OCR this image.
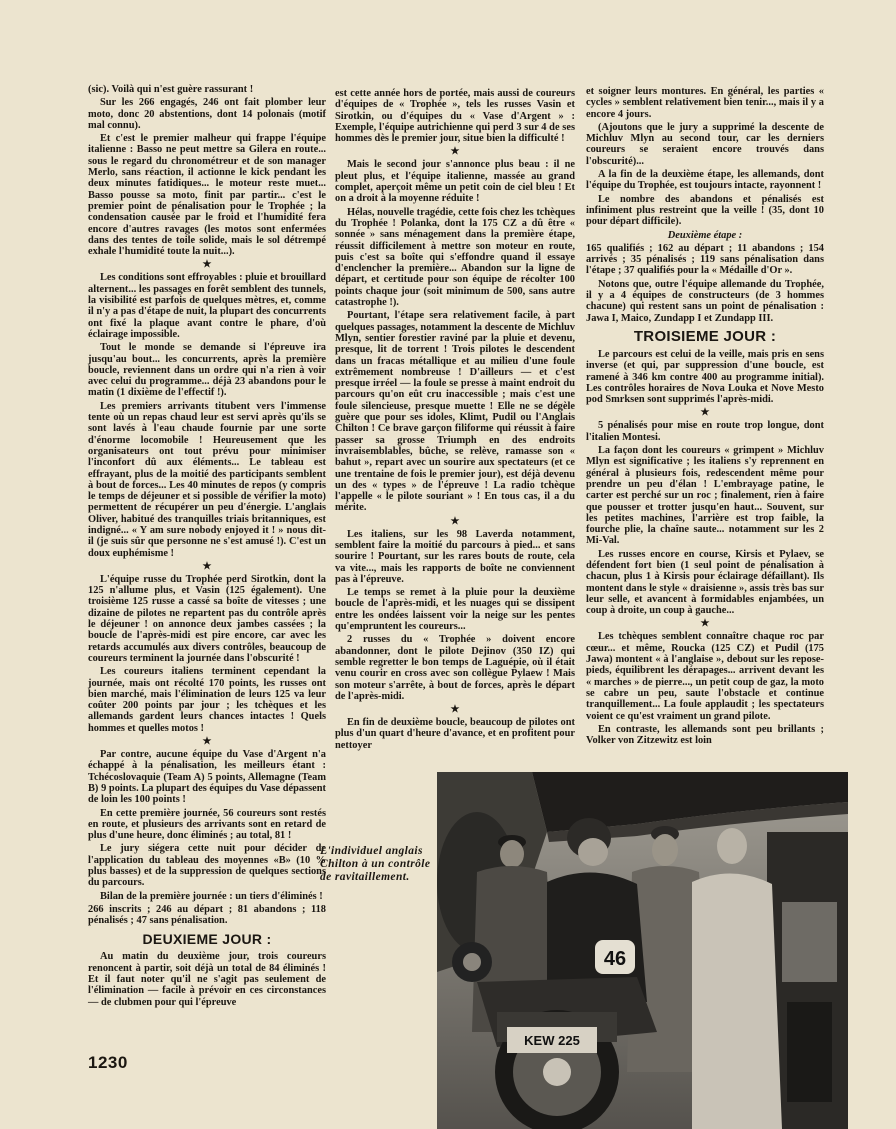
(sic). Voilà qui n'est guère rassurant !

Sur les 266 engagés, 246 ont fait plomber leur moto, donc 20 abstentions, dont 14 polonais (motif mal connu).

Et c'est le premier malheur qui frappe l'équipe italienne : Basso ne peut mettre sa Gilera en route... sous le regard du chronométreur et de son manager Merlo, sans réaction, il actionne le kick pendant les deux minutes fatidiques... le moteur reste muet... Basso pousse sa moto, finit par partir... c'est le premier point de pénalisation pour le Trophée ; la condensation causée par le froid et l'humidité fera encore d'autres ravages (les motos sont enfermées dans des tentes de toile solide, mais le sol détrempé exhale l'humidité toute la nuit...).

★

Les conditions sont effroyables : pluie et brouillard alternent... les passages en forêt semblent des tunnels, la visibilité est parfois de quelques mètres, et, comme il n'y a pas d'étape de nuit, la plupart des concurrents ont fixé la plaque avant contre le phare, d'où éclairage impossible.

Tout le monde se demande si l'épreuve ira jusqu'au bout... les concurrents, après la première boucle, reviennent dans un ordre qui n'a rien à voir avec celui du programme... déjà 23 abandons pour le matin (1 dixième de l'effectif !).

Les premiers arrivants titubent vers l'immense tente où un repas chaud leur est servi après qu'ils se sont lavés à l'eau chaude fournie par une sorte d'énorme locomobile ! Heureusement que les organisateurs ont tout prévu pour minimiser l'inconfort dû aux éléments... Le tableau est effrayant, plus de la moitié des participants semblent à bout de forces... Les 40 minutes de repos (y compris le temps de déjeuner et si possible de vérifier la moto) permettent de récupérer un peu d'énergie. L'anglais Oliver, habitué des tranquilles triais britanniques, est indigné... « Y am sure nobody enjoyed it ! » nous dit-il (je suis sûr que personne ne s'est amusé !). C'est un doux euphémisme !

★

L'équipe russe du Trophée perd Sirotkin, dont la 125 n'allume plus, et Vasin (125 également). Une troisième 125 russe a cassé sa boîte de vitesses ; une dizaine de pilotes ne repartent pas du contrôle après le déjeuner ! on annonce deux jambes cassées ; la boucle de l'après-midi est pire encore, car avec les retards accumulés aux divers contrôles, beaucoup de coureurs terminent la journée dans l'obscurité !

Les coureurs italiens terminent cependant la journée, mais ont récolté 170 points, les russes ont bien marché, mais l'élimination de leurs 125 va leur coûter 200 points par jour ; les tchèques et les allemands gardent leurs chances intactes ! Quels hommes et quelles motos !

★

Par contre, aucune équipe du Vase d'Argent n'a échappé à la pénalisation, les meilleurs étant : Tchécoslovaquie (Team A) 5 points, Allemagne (Team B) 9 points. La plupart des équipes du Vase dépassent de loin les 100 points !

En cette première journée, 56 coureurs sont restés en route, et plusieurs des arrivants sont en retard de plus d'une heure, donc éliminés ; au total, 81 !

Le jury siégera cette nuit pour décider de l'application du tableau des moyennes «B» (10 % plus basses) et de la suppression de quelques sections du parcours.

Bilan de la première journée : un tiers d'éliminés !

266 inscrits ; 246 au départ ; 81 abandons ; 118 pénalisés ; 47 sans pénalisation.

DEUXIEME JOUR :

Au matin du deuxième jour, trois coureurs renoncent à partir, soit déjà un total de 84 éliminés ! Et il faut noter qu'il ne s'agit pas seulement de l'élimination — facile à prévoir en ces circonstances — de clubmen pour qui l'épreuve

est cette année hors de portée, mais aussi de coureurs d'équipes de « Trophée », tels les russes Vasin et Sirotkin, ou d'équipes du « Vase d'Argent » : Exemple, l'équipe autrichienne qui perd 3 sur 4 de ses hommes dès le premier jour, situe bien la difficulté !

★

Mais le second jour s'annonce plus beau : il ne pleut plus, et l'équipe italienne, massée au grand complet, aperçoit même un petit coin de ciel bleu ! Et on a droit à la moyenne réduite !

Hélas, nouvelle tragédie, cette fois chez les tchèques du Trophée ! Polanka, dont la 175 CZ a dû être « sonnée » sans ménagement dans la première étape, réussit difficilement à mettre son moteur en route, puis c'est sa boîte qui s'effondre quand il essaye d'enclencher la première... Abandon sur la ligne de départ, et certitude pour son équipe de récolter 100 points chaque jour (soit minimum de 500, sans autre catastrophe !).

Pourtant, l'étape sera relativement facile, à part quelques passages, notamment la descente de Michluv Mlyn, sentier forestier raviné par la pluie et devenu, presque, lit de torrent ! Trois pilotes le descendent dans un fracas métallique et au milieu d'une foule extrêmement nombreuse ! D'ailleurs — et c'est presque irréel — la foule se presse à maint endroit du parcours qu'on eût cru inaccessible ; mais c'est une foule silencieuse, presque muette ! Elle ne se dégèle guère que pour ses idoles, Klimt, Pudil ou l'Anglais Chilton ! Ce brave garçon filiforme qui réussit à faire passer sa grosse Triumph en des endroits invraisemblables, bûche, se relève, ramasse son « bahut », repart avec un sourire aux spectateurs (et ce une trentaine de fois le premier jour), est déjà devenu un des « types » de l'épreuve ! La radio tchèque l'appelle « le pilote souriant » ! En tous cas, il a du mérite.

★

Les italiens, sur les 98 Laverda notamment, semblent faire la moitié du parcours à pied... et sans sourire ! Pourtant, sur les rares bouts de route, cela va vite..., mais les rapports de boîte ne conviennent pas à l'épreuve.

Le temps se remet à la pluie pour la deuxième boucle de l'après-midi, et les nuages qui se dissipent entre les ondées laissent voir la neige sur les pentes qu'empruntent les coureurs...

2 russes du « Trophée » doivent encore abandonner, dont le pilote Dejinov (350 IZ) qui semble regretter le bon temps de Laguépie, où il était venu courir en cross avec son collègue Pylaew ! Mais son moteur s'arrête, à bout de forces, après le départ de l'après-midi.

★

En fin de deuxième boucle, beaucoup de pilotes ont plus d'un quart d'heure d'avance, et en profitent pour nettoyer

et soigner leurs montures. En général, les parties « cycles » semblent relativement bien tenir..., mais il y a encore 4 jours.

(Ajoutons que le jury a supprimé la descente de Michluv Mlyn au second tour, car les derniers coureurs se seraient encore trouvés dans l'obscurité)...

A la fin de la deuxième étape, les allemands, dont l'équipe du Trophée, est toujours intacte, rayonnent !

Le nombre des abandons et pénalisés est infiniment plus restreint que la veille ! (35, dont 10 pour départ difficile).

Deuxième étape :

165 qualifiés ; 162 au départ ; 11 abandons ; 154 arrivés ; 35 pénalisés ; 119 sans pénalisation dans l'étape ; 37 qualifiés pour la « Médaille d'Or ».

Notons que, outre l'équipe allemande du Trophée, il y a 4 équipes de constructeurs (de 3 hommes chacune) qui restent sans un point de pénalisation : Jawa I, Maico, Zundapp I et Zundapp III.

TROISIEME JOUR :

Le parcours est celui de la veille, mais pris en sens inverse (et qui, par suppression d'une boucle, est ramené à 346 km contre 400 au programme initial). Les contrôles horaires de Nova Louka et Nove Mesto pod Smrksen sont supprimés l'après-midi.

★

5 pénalisés pour mise en route trop longue, dont l'italien Montesi.

La façon dont les coureurs « grimpent » Michluv Mlyn est significative ; les italiens s'y reprennent en général à plusieurs fois, redescendent même pour prendre un peu d'élan ! L'embrayage patine, le carter est perché sur un roc ; finalement, rien à faire que pousser et trotter jusqu'en haut... Souvent, sur les petites machines, l'arrière est trop faible, la fourche plie, la chaîne saute... notamment sur les 2 Mi-Val.

Les russes encore en course, Kirsis et Pylaev, se défendent fort bien (1 seul point de pénalisation à chacun, plus 1 à Kirsis pour éclairage défaillant). Ils montent dans le style « draisienne », assis très bas sur leur selle, et avancent à formidables enjambées, un coup à droite, un coup à gauche...

★

Les tchèques semblent connaître chaque roc par cœur... et même, Roucka (125 CZ) et Pudil (175 Jawa) montent « à l'anglaise », debout sur les repose-pieds, équilibrent les dérapages... arrivent devant les « marches » de pierre..., un petit coup de gaz, la moto se cabre un peu, saute l'obstacle et continue tranquillement... La foule applaudit ; les spectateurs voient ce qu'est vraiment un grand pilote.

En contraste, les allemands sont peu brillants ; Volker von Zitzewitz est loin

L'individuel anglais Chilton à un contrôle de ravitaillement.
46
KEW 225
1230
